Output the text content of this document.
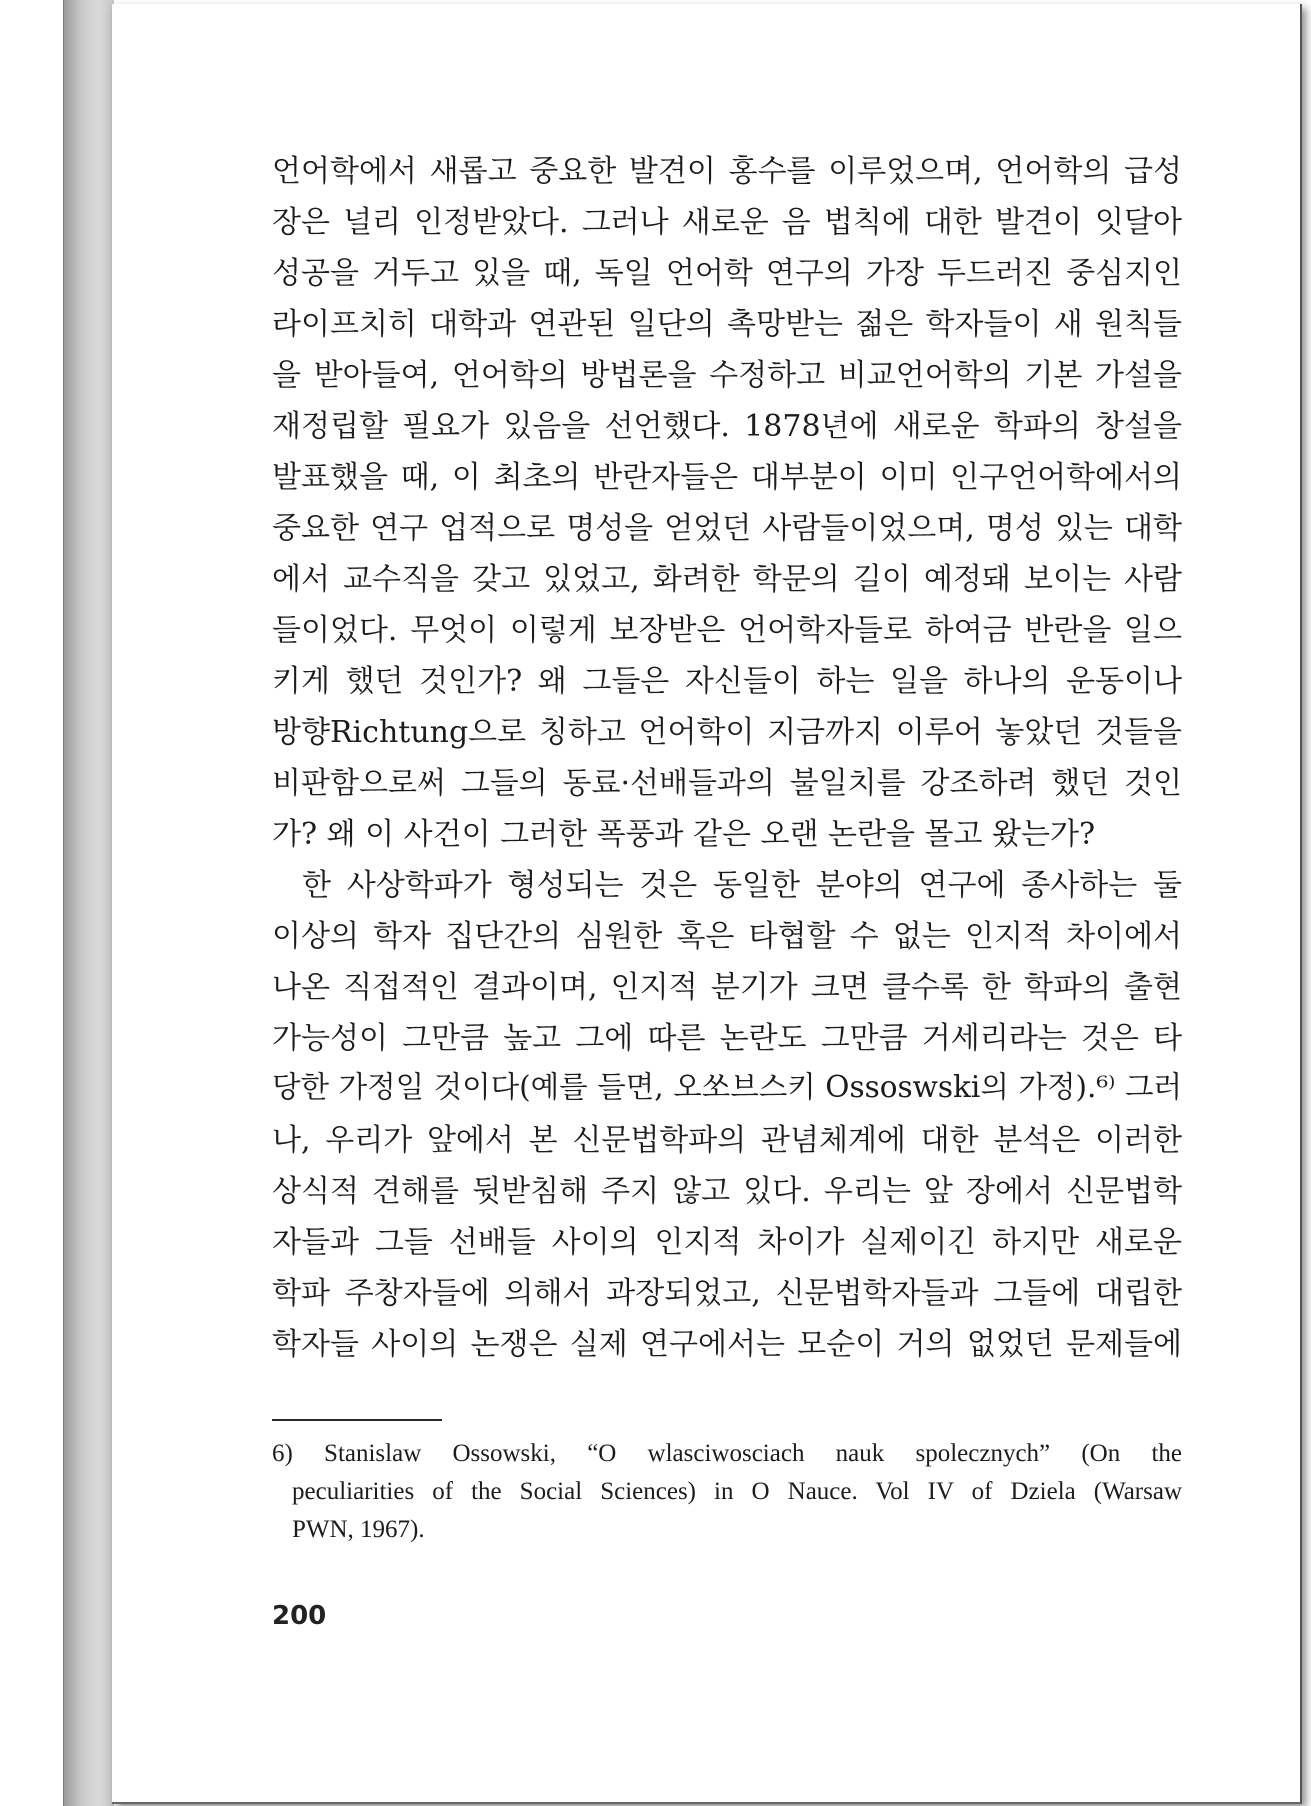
언어학에서 새롭고 중요한 발견이 홍수를 이루었으며, 언어학의 급성
장은 널리 인정받았다. 그러나 새로운 음 법칙에 대한 발견이 잇달아
성공을 거두고 있을 때, 독일 언어학 연구의 가장 두드러진 중심지인
라이프치히 대학과 연관된 일단의 촉망받는 젊은 학자들이 새 원칙들
을 받아들여, 언어학의 방법론을 수정하고 비교언어학의 기본 가설을
재정립할 필요가 있음을 선언했다. 1878년에 새로운 학파의 창설을
발표했을 때, 이 최초의 반란자들은 대부분이 이미 인구언어학에서의
중요한 연구 업적으로 명성을 얻었던 사람들이었으며, 명성 있는 대학
에서 교수직을 갖고 있었고, 화려한 학문의 길이 예정돼 보이는 사람
들이었다. 무엇이 이렇게 보장받은 언어학자들로 하여금 반란을 일으
키게 했던 것인가? 왜 그들은 자신들이 하는 일을 하나의 운동이나
방향Richtung으로 칭하고 언어학이 지금까지 이루어 놓았던 것들을
비판함으로써 그들의 동료·선배들과의 불일치를 강조하려 했던 것인
가? 왜 이 사건이 그러한 폭풍과 같은 오랜 논란을 몰고 왔는가?
한 사상학파가 형성되는 것은 동일한 분야의 연구에 종사하는 둘
이상의 학자 집단간의 심원한 혹은 타협할 수 없는 인지적 차이에서
나온 직접적인 결과이며, 인지적 분기가 크면 클수록 한 학파의 출현
가능성이 그만큼 높고 그에 따른 논란도 그만큼 거세리라는 것은 타
당한 가정일 것이다(예를 들면, 오쏘브스키 Ossoswski의 가정).⁶⁾ 그러
나, 우리가 앞에서 본 신문법학파의 관념체계에 대한 분석은 이러한
상식적 견해를 뒷받침해 주지 않고 있다. 우리는 앞 장에서 신문법학
자들과 그들 선배들 사이의 인지적 차이가 실제이긴 하지만 새로운
학파 주창자들에 의해서 과장되었고, 신문법학자들과 그들에 대립한
학자들 사이의 논쟁은 실제 연구에서는 모순이 거의 없었던 문제들에
6) Stanislaw Ossowski, “O wlasciwosciach nauk spolecznych” (On the
peculiarities of the Social Sciences) in O Nauce. Vol IV of Dziela (Warsaw
PWN, 1967).
200
